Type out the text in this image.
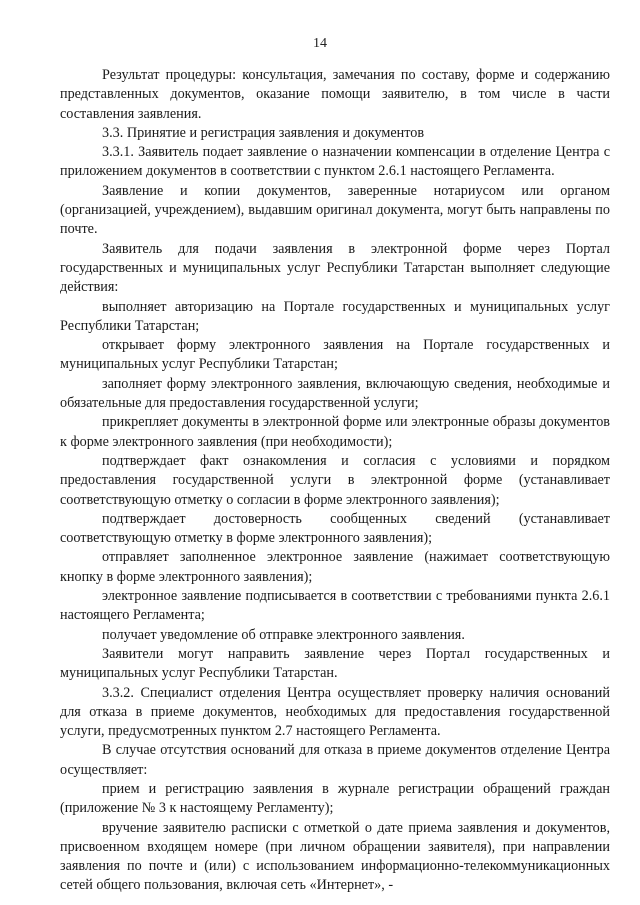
14

Результат процедуры: консультация, замечания по составу, форме и содержанию представленных документов, оказание помощи заявителю, в том числе в части составления заявления.

3.3. Принятие и регистрация заявления и документов

3.3.1. Заявитель подает заявление о назначении компенсации в отделение Центра с приложением документов в соответствии с пунктом 2.6.1 настоящего Регламента.

Заявление и копии документов, заверенные нотариусом или органом (организацией, учреждением), выдавшим оригинал документа, могут быть направлены по почте.

Заявитель для подачи заявления в электронной форме через Портал государственных и муниципальных услуг Республики Татарстан выполняет следующие действия:

выполняет авторизацию на Портале государственных и муниципальных услуг Республики Татарстан;

открывает форму электронного заявления на Портале государственных и муниципальных услуг Республики Татарстан;

заполняет форму электронного заявления, включающую сведения, необходимые и обязательные для предоставления государственной услуги;

прикрепляет документы в электронной форме или электронные образы документов к форме электронного заявления (при необходимости);

подтверждает факт ознакомления и согласия с условиями и порядком предоставления государственной услуги в электронной форме (устанавливает соответствующую отметку о согласии в форме электронного заявления);

подтверждает достоверность сообщенных сведений (устанавливает соответствующую отметку в форме электронного заявления);

отправляет заполненное электронное заявление (нажимает соответствующую кнопку в форме электронного заявления);

электронное заявление подписывается в соответствии с требованиями пункта 2.6.1 настоящего Регламента;

получает уведомление об отправке электронного заявления.

Заявители могут направить заявление через Портал государственных и муниципальных услуг Республики Татарстан.

3.3.2. Специалист отделения Центра осуществляет проверку наличия оснований для отказа в приеме документов, необходимых для предоставления государственной услуги, предусмотренных пунктом 2.7 настоящего Регламента.

В случае отсутствия оснований для отказа в приеме документов отделение Центра осуществляет:

прием и регистрацию заявления в журнале регистрации обращений граждан (приложение № 3 к настоящему Регламенту);

вручение заявителю расписки с отметкой о дате приема заявления и документов, присвоенном входящем номере (при личном обращении заявителя), при направлении заявления по почте и (или) с использованием информационно-телекоммуникационных сетей общего пользования, включая сеть «Интернет», -
